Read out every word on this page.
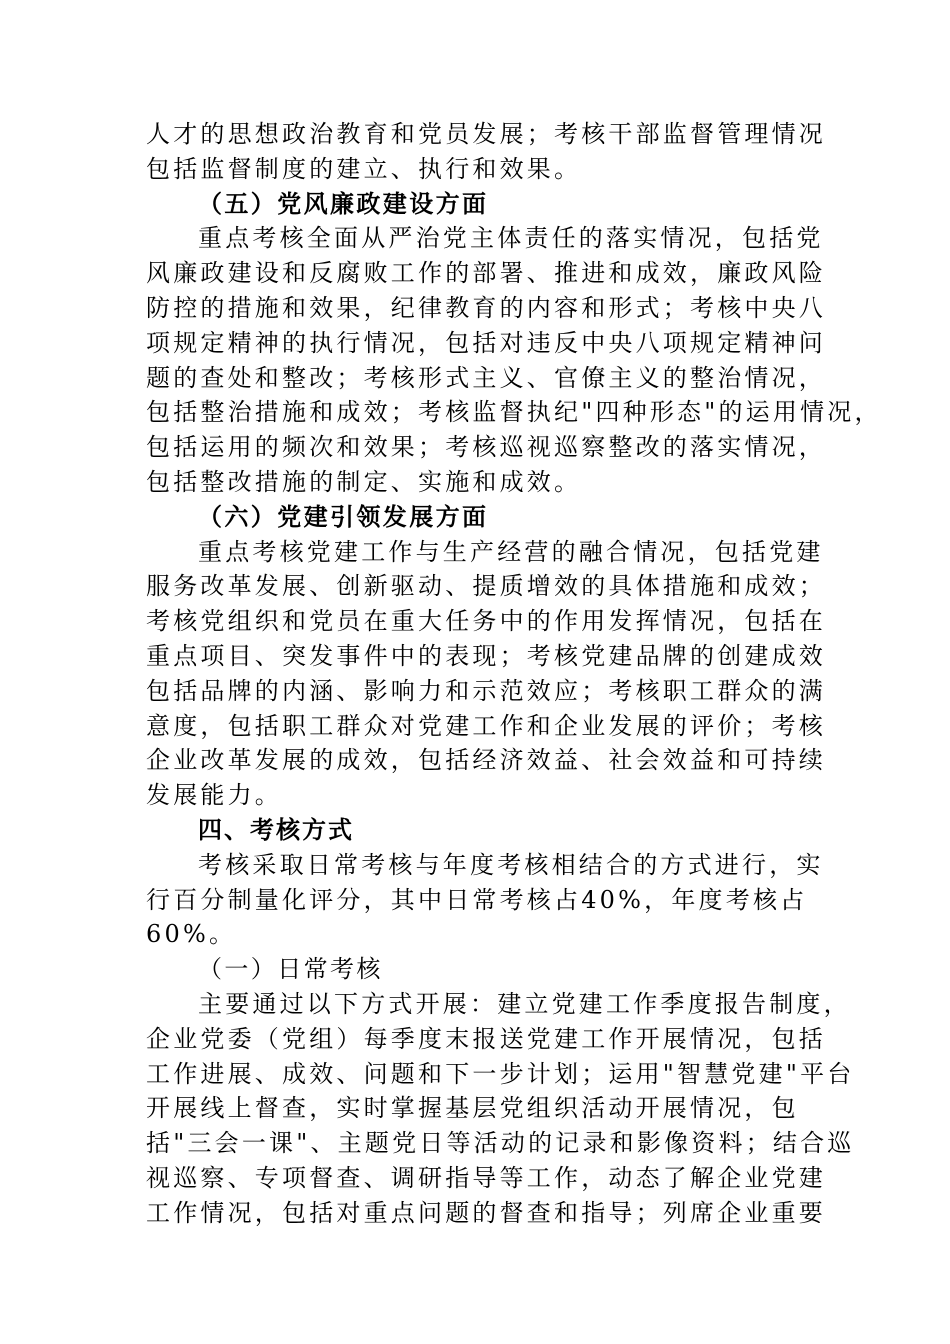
人才的思想政治教育和党员发展；考核干部监督管理情况
包括监督制度的建立、执行和效果。
（五）党风廉政建设方面
重点考核全面从严治党主体责任的落实情况，包括党
风廉政建设和反腐败工作的部署、推进和成效，廉政风险
防控的措施和效果，纪律教育的内容和形式；考核中央八
项规定精神的执行情况，包括对违反中央八项规定精神问
题的查处和整改；考核形式主义、官僚主义的整治情况，
包括整治措施和成效；考核监督执纪"四种形态"的运用情况，
包括运用的频次和效果；考核巡视巡察整改的落实情况，
包括整改措施的制定、实施和成效。
（六）党建引领发展方面
重点考核党建工作与生产经营的融合情况，包括党建
服务改革发展、创新驱动、提质增效的具体措施和成效；
考核党组织和党员在重大任务中的作用发挥情况，包括在
重点项目、突发事件中的表现；考核党建品牌的创建成效
包括品牌的内涵、影响力和示范效应；考核职工群众的满
意度，包括职工群众对党建工作和企业发展的评价；考核
企业改革发展的成效，包括经济效益、社会效益和可持续
发展能力。
四、考核方式
考核采取日常考核与年度考核相结合的方式进行，实
行百分制量化评分，其中日常考核占40%，年度考核占
60%。
（一）日常考核
主要通过以下方式开展：建立党建工作季度报告制度，
企业党委（党组）每季度末报送党建工作开展情况，包括
工作进展、成效、问题和下一步计划；运用"智慧党建"平台
开展线上督查，实时掌握基层党组织活动开展情况，包
括"三会一课"、主题党日等活动的记录和影像资料；结合巡
视巡察、专项督查、调研指导等工作，动态了解企业党建
工作情况，包括对重点问题的督查和指导；列席企业重要
